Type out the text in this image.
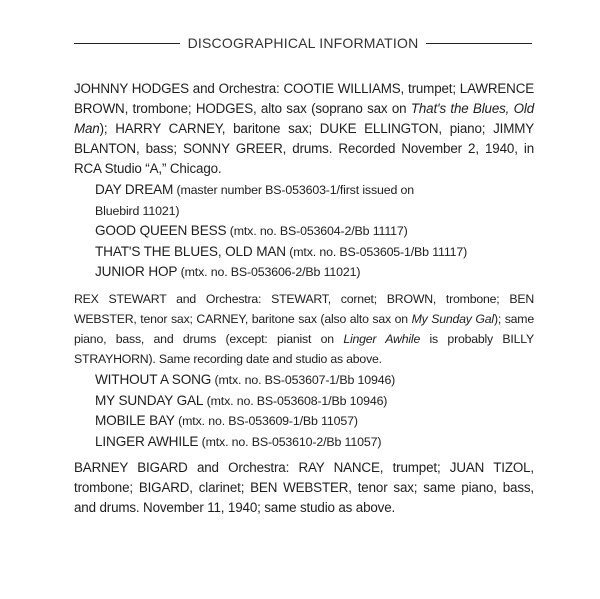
DISCOGRAPHICAL INFORMATION

JOHNNY HODGES and Orchestra: COOTIE WILLIAMS, trumpet; LAWRENCE BROWN, trombone; HODGES, alto sax (soprano sax on That's the Blues, Old Man); HARRY CARNEY, baritone sax; DUKE ELLINGTON, piano; JIMMY BLANTON, bass; SONNY GREER, drums. Recorded November 2, 1940, in RCA Studio “A,” Chicago.

DAY DREAM (master number BS-053603-1/first issued on
Bluebird 11021)
GOOD QUEEN BESS (mtx. no. BS-053604-2/Bb 11117)
THAT'S THE BLUES, OLD MAN (mtx. no. BS-053605-1/Bb 11117)
JUNIOR HOP (mtx. no. BS-053606-2/Bb 11021)

REX STEWART and Orchestra: STEWART, cornet; BROWN, trombone; BEN WEBSTER, tenor sax; CARNEY, baritone sax (also alto sax on My Sunday Gal); same piano, bass, and drums (except: pianist on Linger Awhile is probably BILLY STRAYHORN). Same recording date and studio as above.

WITHOUT A SONG (mtx. no. BS-053607-1/Bb 10946)
MY SUNDAY GAL (mtx. no. BS-053608-1/Bb 10946)
MOBILE BAY (mtx. no. BS-053609-1/Bb 11057)
LINGER AWHILE (mtx. no. BS-053610-2/Bb 11057)

BARNEY BIGARD and Orchestra: RAY NANCE, trumpet; JUAN TIZOL, trombone; BIGARD, clarinet; BEN WEBSTER, tenor sax; same piano, bass, and drums. November 11, 1940; same studio as above.
